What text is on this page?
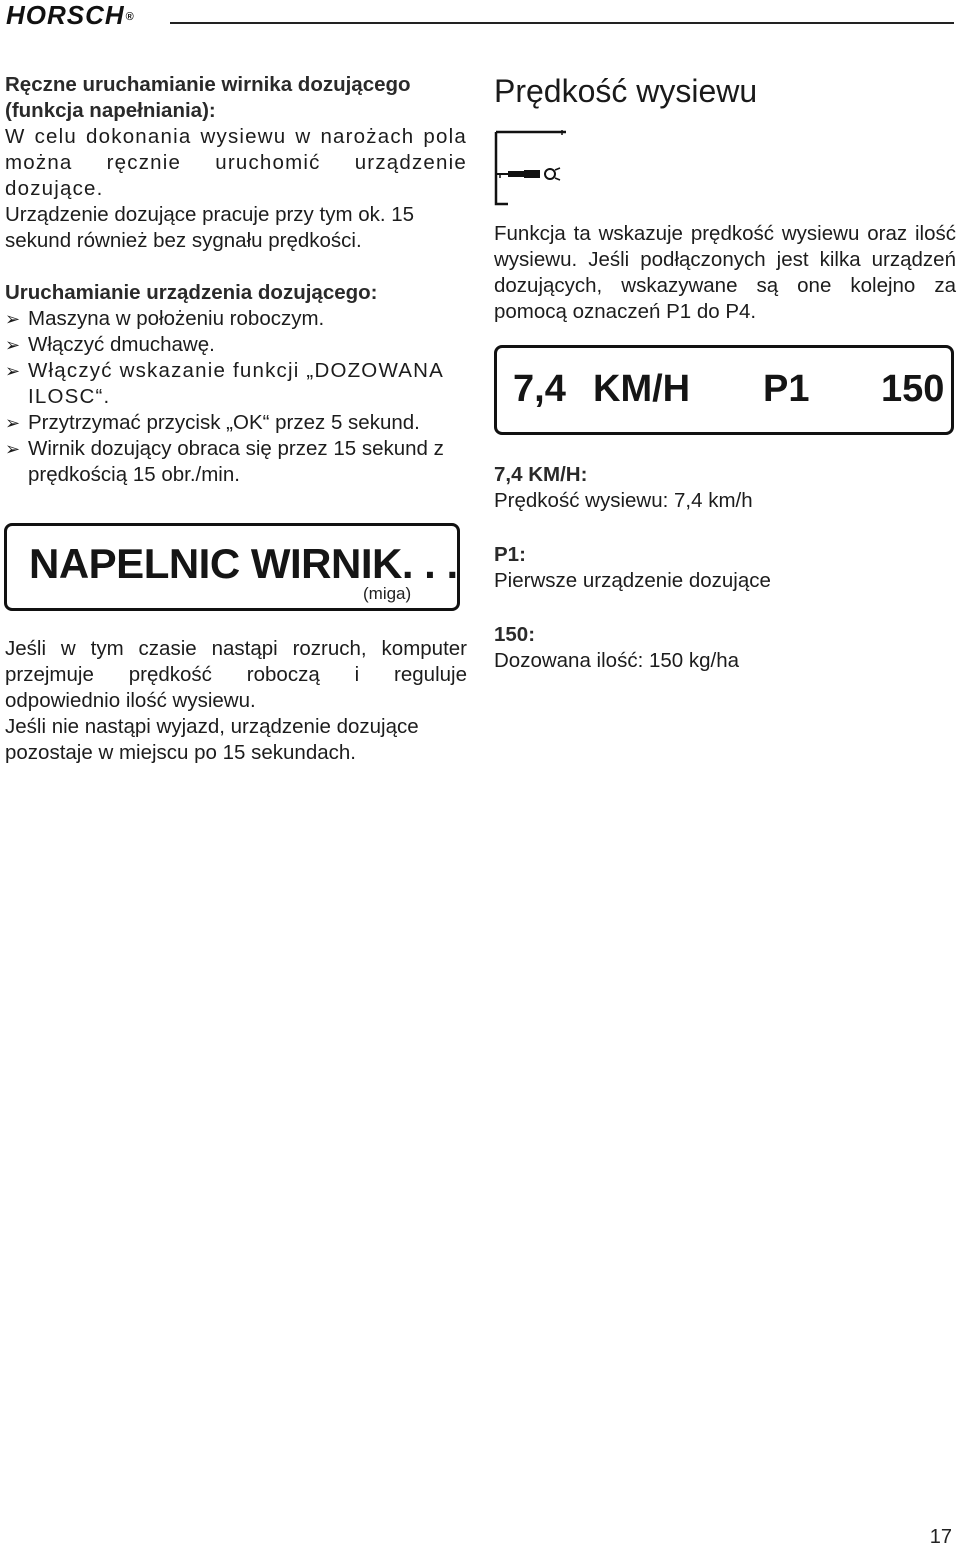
HORSCH®

Ręczne uruchamianie wirnika dozującego
(funkcja napełniania):

W celu dokonania wysiewu w narożach pola można ręcznie uruchomić urządzenie dozujące.

Urządzenie dozujące pracuje przy tym ok. 15 sekund również bez sygnału prędkości.

Uruchamianie urządzenia dozującego:

➢ Maszyna w położeniu roboczym.
➢ Włączyć dmuchawę.
➢ Włączyć wskazanie funkcji „DOZOWANA ILOSC“.
➢ Przytrzymać przycisk „OK“ przez 5 sekund.
➢ Wirnik dozujący obraca się przez 15 sekund z prędkością 15 obr./min.
NAPELNIC WIRNIK. . .
(miga)

Jeśli w tym czasie nastąpi rozruch, komputer przejmuje prędkość roboczą i reguluje odpowiednio ilość wysiewu.

Jeśli nie nastąpi wyjazd, urządzenie dozujące pozostaje w miejscu po 15 sekundach.

Prędkość wysiewu

Funkcja ta wskazuje prędkość wysiewu oraz ilość wysiewu. Jeśli podłączonych jest kilka urządzeń dozujących, wskazywane są one kolejno za pomocą oznaczeń P1 do P4.

7,4 KM/H P1 150

7,4 KM/H:

Prędkość wysiewu: 7,4 km/h

P1:

Pierwsze urządzenie dozujące

150:

Dozowana ilość: 150 kg/ha

17
